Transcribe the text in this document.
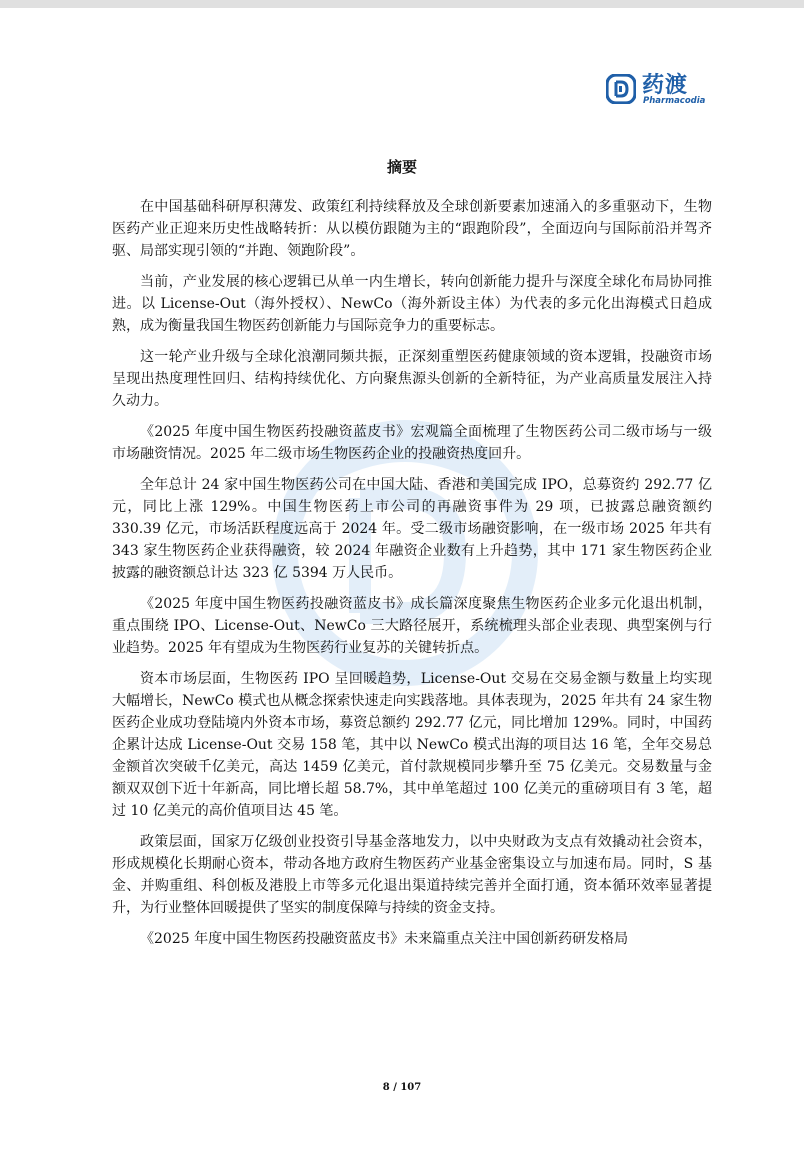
药渡
Pharmacodia
摘要

在中国基础科研厚积薄发、政策红利持续释放及全球创新要素加速涌入的多重驱动下，生物医药产业正迎来历史性战略转折：从以模仿跟随为主的“跟跑阶段”，全面迈向与国际前沿并驾齐驱、局部实现引领的“并跑、领跑阶段”。

当前，产业发展的核心逻辑已从单一内生增长，转向创新能力提升与深度全球化布局协同推进。以 License-Out（海外授权）、NewCo（海外新设主体）为代表的多元化出海模式日趋成熟，成为衡量我国生物医药创新能力与国际竞争力的重要标志。

这一轮产业升级与全球化浪潮同频共振，正深刻重塑医药健康领域的资本逻辑，投融资市场呈现出热度理性回归、结构持续优化、方向聚焦源头创新的全新特征，为产业高质量发展注入持久动力。

《2025 年度中国生物医药投融资蓝皮书》宏观篇全面梳理了生物医药公司二级市场与一级市场融资情况。2025 年二级市场生物医药企业的投融资热度回升。

全年总计 24 家中国生物医药公司在中国大陆、香港和美国完成 IPO，总募资约 292.77 亿元，同比上涨 129%。中国生物医药上市公司的再融资事件为 29 项，已披露总融资额约 330.39 亿元，市场活跃程度远高于 2024 年。受二级市场融资影响，在一级市场 2025 年共有 343 家生物医药企业获得融资，较 2024 年融资企业数有上升趋势，其中 171 家生物医药企业披露的融资额总计达 323 亿 5394 万人民币。

《2025 年度中国生物医药投融资蓝皮书》成长篇深度聚焦生物医药企业多元化退出机制，重点围绕 IPO、License-Out、NewCo 三大路径展开，系统梳理头部企业表现、典型案例与行业趋势。2025 年有望成为生物医药行业复苏的关键转折点。

资本市场层面，生物医药 IPO 呈回暖趋势，License-Out 交易在交易金额与数量上均实现大幅增长，NewCo 模式也从概念探索快速走向实践落地。具体表现为，2025 年共有 24 家生物医药企业成功登陆境内外资本市场，募资总额约 292.77 亿元，同比增加 129%。同时，中国药企累计达成 License-Out 交易 158 笔，其中以 NewCo 模式出海的项目达 16 笔，全年交易总金额首次突破千亿美元，高达 1459 亿美元，首付款规模同步攀升至 75 亿美元。交易数量与金额双双创下近十年新高，同比增长超 58.7%，其中单笔超过 100 亿美元的重磅项目有 3 笔，超过 10 亿美元的高价值项目达 45 笔。

政策层面，国家万亿级创业投资引导基金落地发力，以中央财政为支点有效撬动社会资本，形成规模化长期耐心资本，带动各地方政府生物医药产业基金密集设立与加速布局。同时，S 基金、并购重组、科创板及港股上市等多元化退出渠道持续完善并全面打通，资本循环效率显著提升，为行业整体回暖提供了坚实的制度保障与持续的资金支持。

《2025 年度中国生物医药投融资蓝皮书》未来篇重点关注中国创新药研发格局

8 / 107
